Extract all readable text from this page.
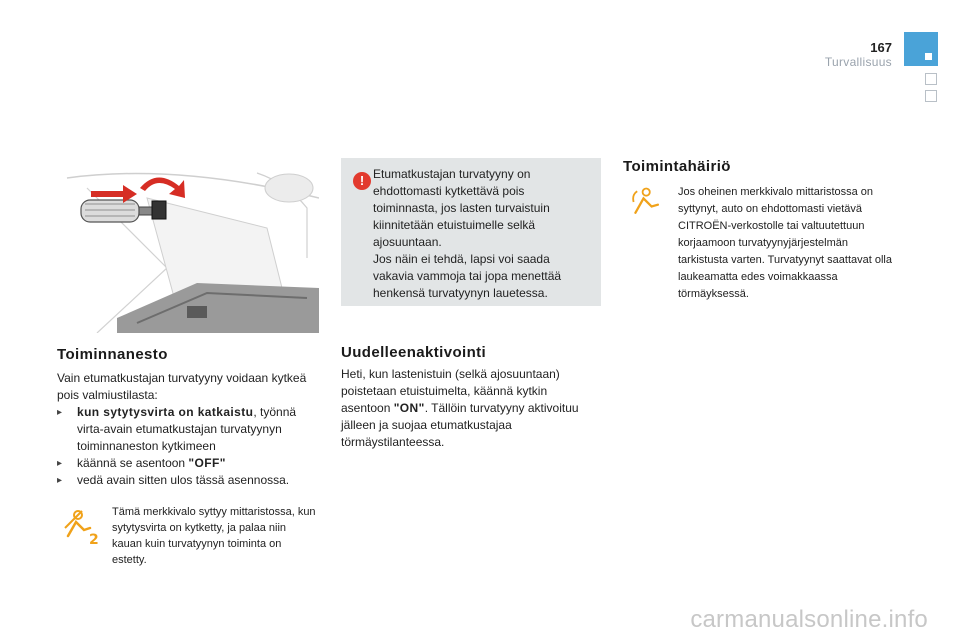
167
Turvallisuus
Toiminnanesto

Vain etumatkustajan turvatyyny voidaan kytkeä pois valmiustilasta:

▸ kun sytytysvirta on katkaistu, työnnä virta-avain etumatkustajan turvatyynyn toiminnaneston kytkimeen

▸ käännä se asentoon "OFF"

▸ vedä avain sitten ulos tässä asennossa.

2
Tämä merkkivalo syttyy mittaristossa, kun sytytysvirta on kytketty, ja palaa niin kauan kuin turvatyynyn toiminta on estetty.
! Etumatkustajan turvatyyny on ehdottomasti kytkettävä pois toiminnasta, jos lasten turvaistuin kiinnitetään etuistuimelle selkä ajosuuntaan.

Jos näin ei tehdä, lapsi voi saada vakavia vammoja tai jopa menettää henkensä turvatyynyn lauetessa.

Uudelleenaktivointi
Heti, kun lastenistuin (selkä ajosuuntaan) poistetaan etuistuimelta, käännä kytkin asentoon "ON". Tällöin turvatyyny aktivoituu jälleen ja suojaa etumatkustajaa törmäystilanteessa.
Toimintahäiriö
Jos oheinen merkkivalo mittaristossa on syttynyt, auto on ehdottomasti vietävä CITROËN-verkostolle tai valtuutettuun korjaamoon turvatyynyjärjestelmän tarkistusta varten. Turvatyynyt saattavat olla laukeamatta edes voimakkaassa törmäyksessä.
carmanualsonline.info
